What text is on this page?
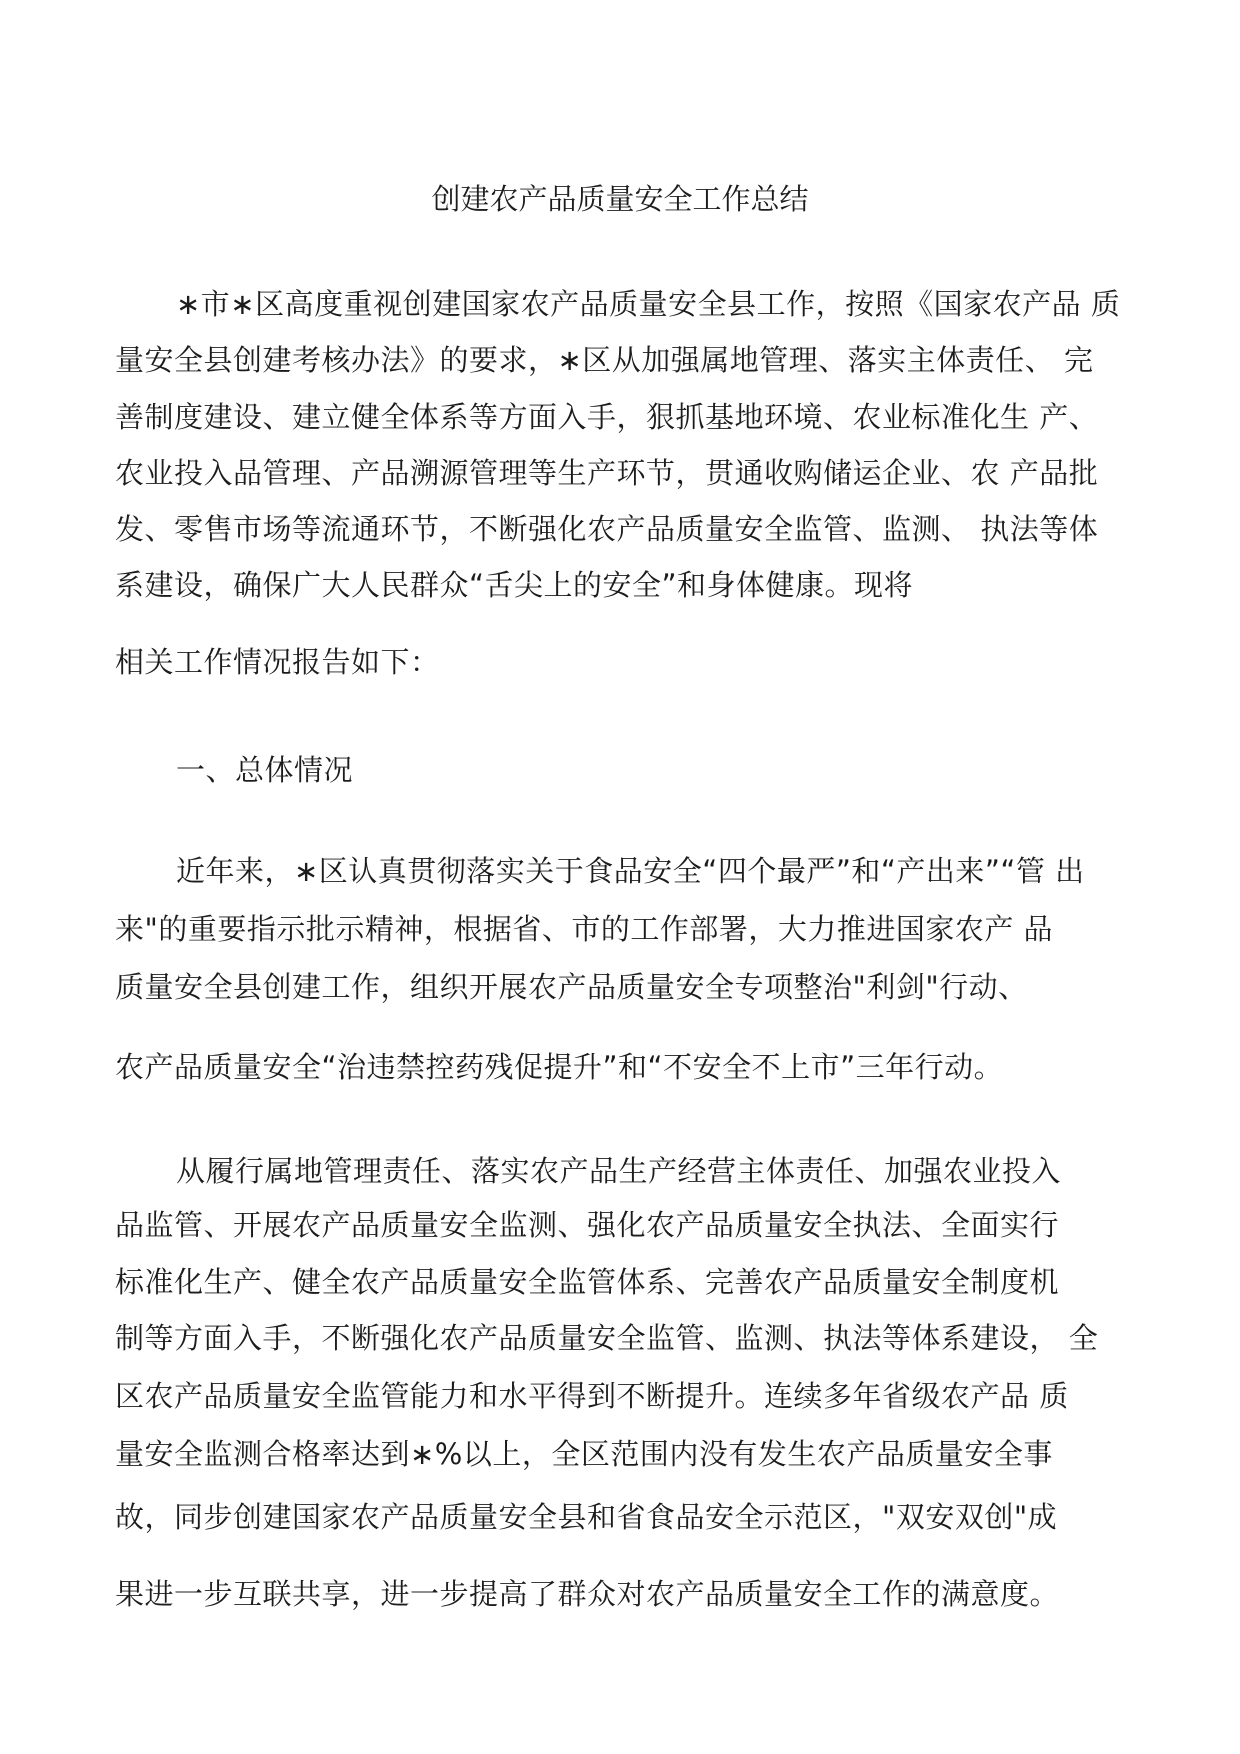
创建农产品质量安全工作总结
∗市∗区高度重视创建国家农产品质量安全县工作，按照《国家农产品 质
量安全县创建考核办法》的要求，∗区从加强属地管理、落实主体责任、 完
善制度建设、建立健全体系等方面入手，狠抓基地环境、农业标准化生 产、
农业投入品管理、产品溯源管理等生产环节，贯通收购储运企业、农 产品批
发、零售市场等流通环节，不断强化农产品质量安全监管、监测、 执法等体
系建设，确保广大人民群众“舌尖上的安全”和身体健康。现将
相关工作情况报告如下：
一、总体情况
近年来，∗区认真贯彻落实关于食品安全“四个最严”和“产出来”“管 出
来"的重要指示批示精神，根据省、市的工作部署，大力推进国家农产 品
质量安全县创建工作，组织开展农产品质量安全专项整治"利剑"行动、
农产品质量安全“治违禁控药残促提升”和“不安全不上市”三年行动。
从履行属地管理责任、落实农产品生产经营主体责任、加强农业投入
品监管、开展农产品质量安全监测、强化农产品质量安全执法、全面实行
标准化生产、健全农产品质量安全监管体系、完善农产品质量安全制度机
制等方面入手，不断强化农产品质量安全监管、监测、执法等体系建设， 全
区农产品质量安全监管能力和水平得到不断提升。连续多年省级农产品 质
量安全监测合格率达到∗%以上，全区范围内没有发生农产品质量安全事
故，同步创建国家农产品质量安全县和省食品安全示范区，"双安双创"成
果进一步互联共享，进一步提高了群众对农产品质量安全工作的满意度。
